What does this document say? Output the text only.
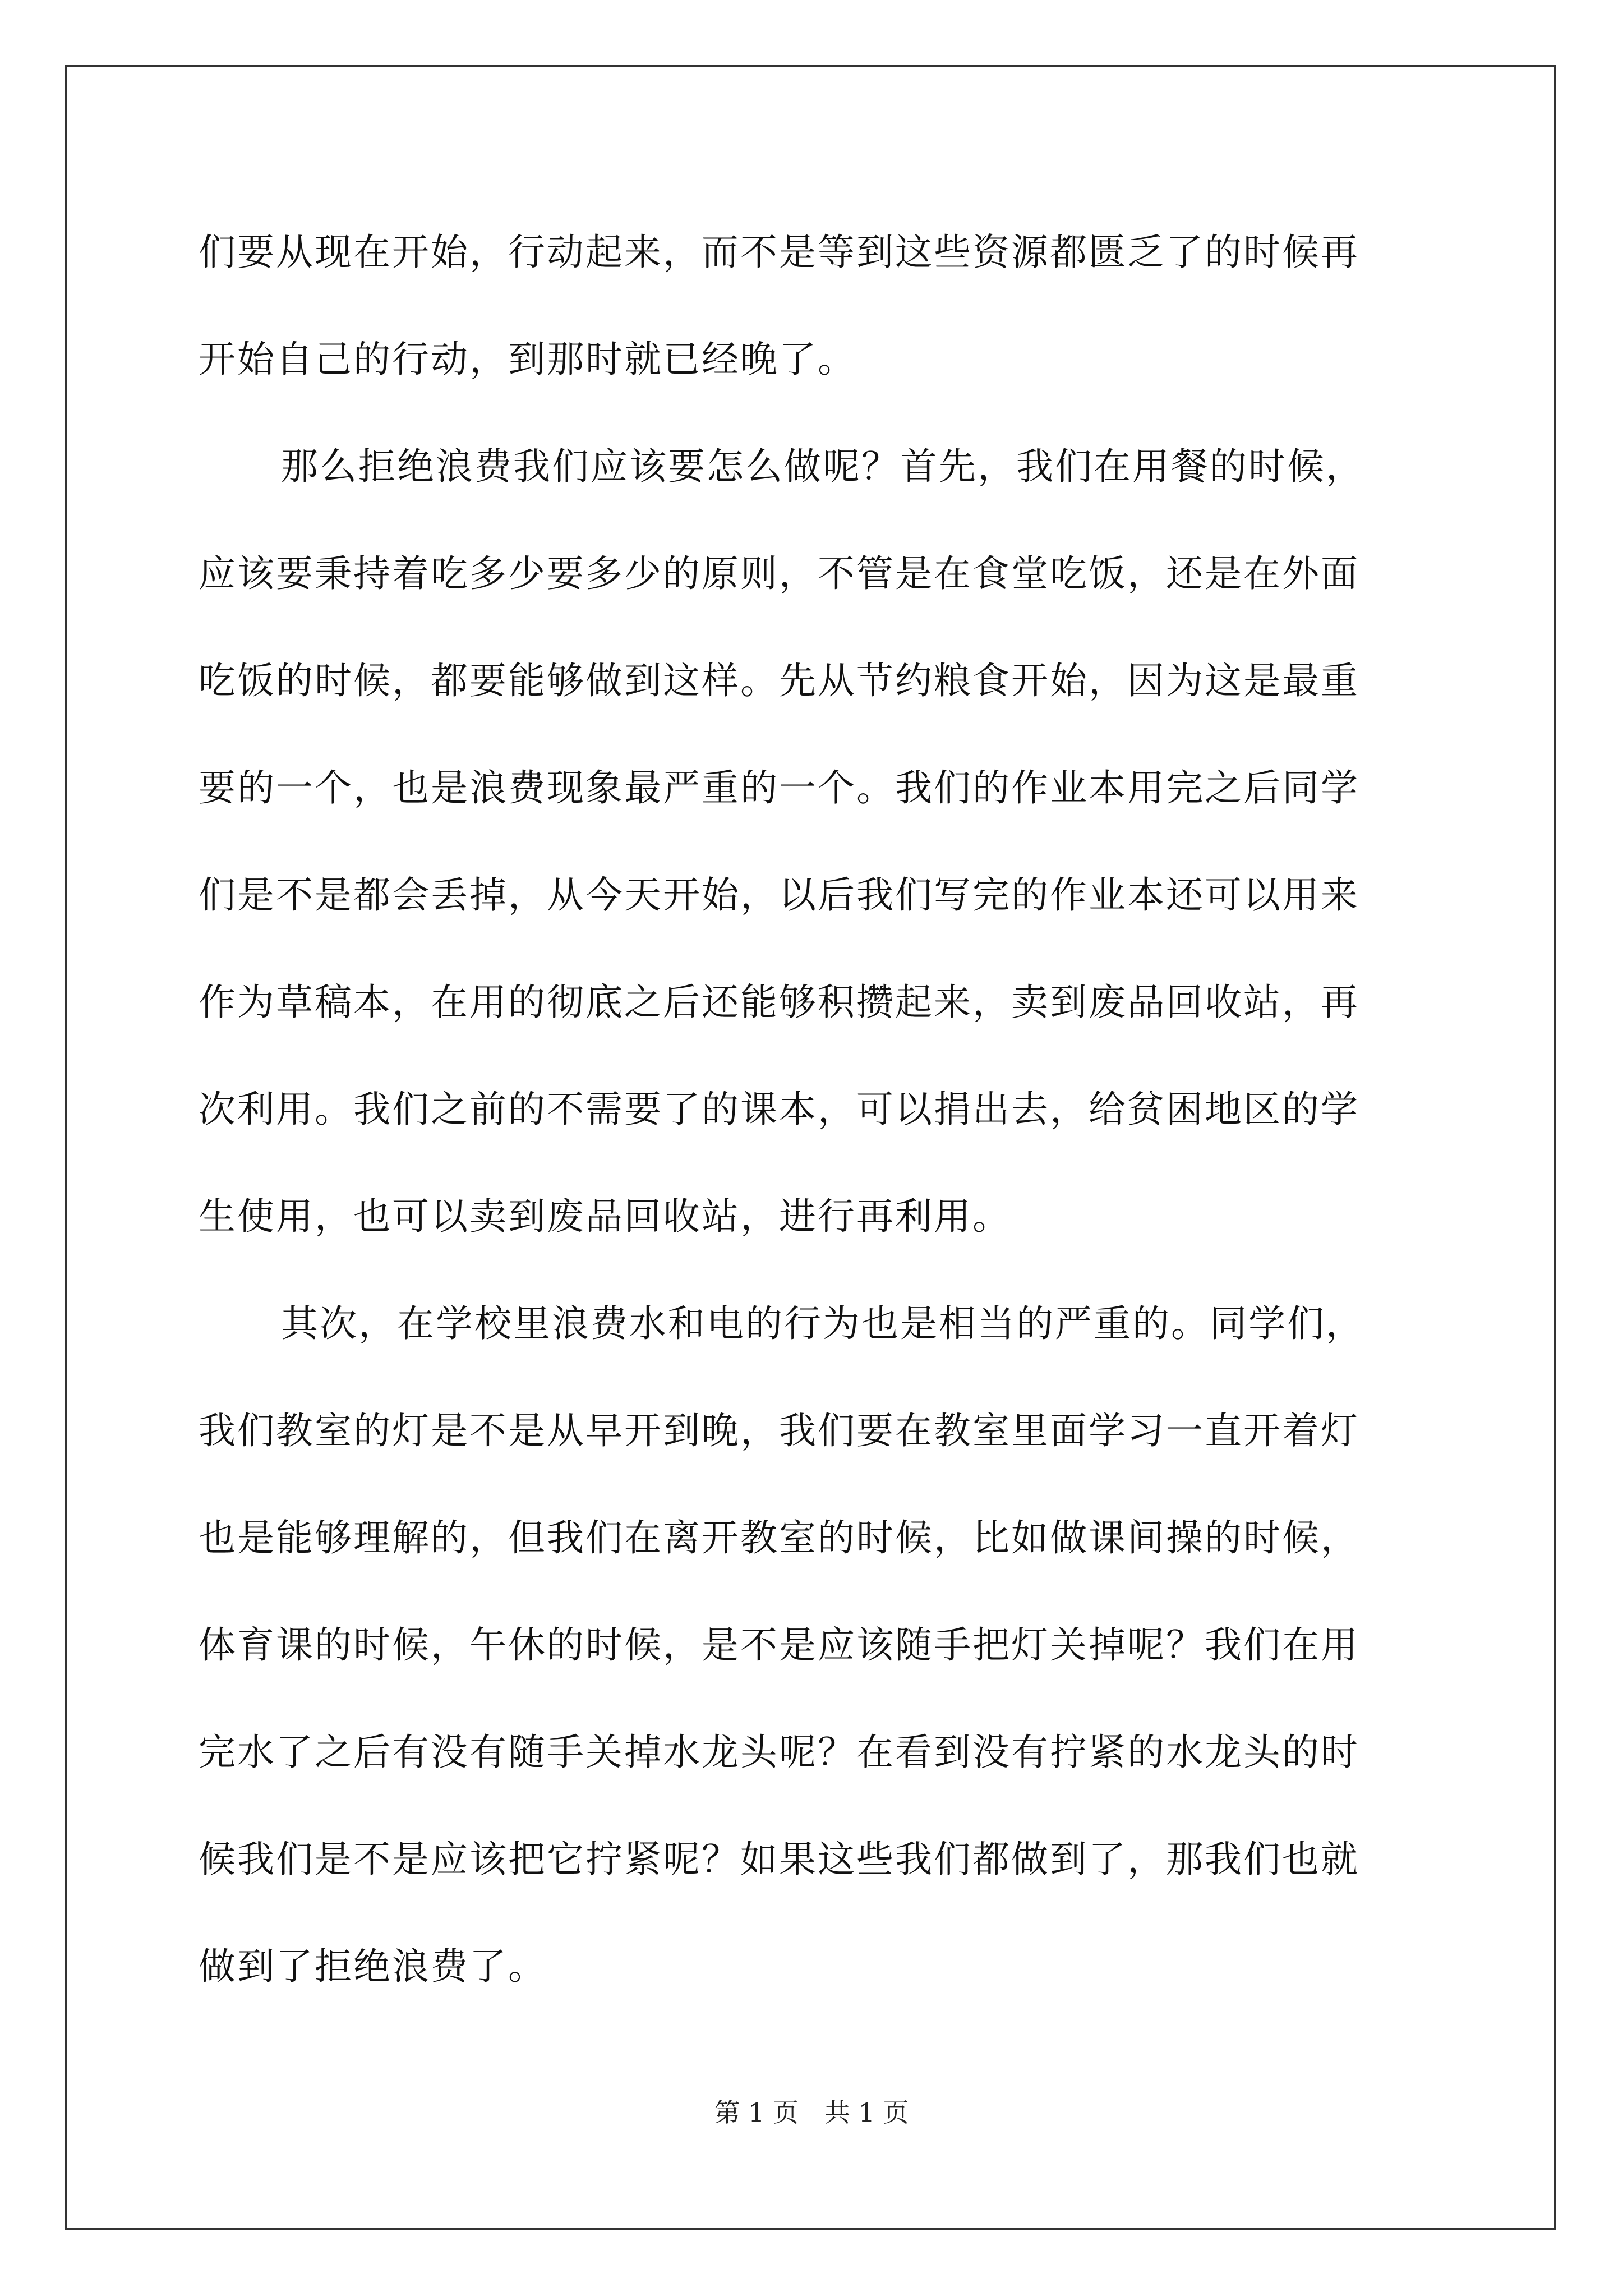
们要从现在开始，行动起来，而不是等到这些资源都匮乏了的时候再
开始自己的行动，到那时就已经晚了。
那么拒绝浪费我们应该要怎么做呢？首先，我们在用餐的时候，
应该要秉持着吃多少要多少的原则，不管是在食堂吃饭，还是在外面
吃饭的时候，都要能够做到这样。先从节约粮食开始，因为这是最重
要的一个，也是浪费现象最严重的一个。我们的作业本用完之后同学
们是不是都会丢掉，从今天开始，以后我们写完的作业本还可以用来
作为草稿本，在用的彻底之后还能够积攒起来，卖到废品回收站，再
次利用。我们之前的不需要了的课本，可以捐出去，给贫困地区的学
生使用，也可以卖到废品回收站，进行再利用。
其次，在学校里浪费水和电的行为也是相当的严重的。同学们，
我们教室的灯是不是从早开到晚，我们要在教室里面学习一直开着灯
也是能够理解的，但我们在离开教室的时候，比如做课间操的时候，
体育课的时候，午休的时候，是不是应该随手把灯关掉呢？我们在用
完水了之后有没有随手关掉水龙头呢？在看到没有拧紧的水龙头的时
候我们是不是应该把它拧紧呢？如果这些我们都做到了，那我们也就
做到了拒绝浪费了。
第 1 页　共 1 页
